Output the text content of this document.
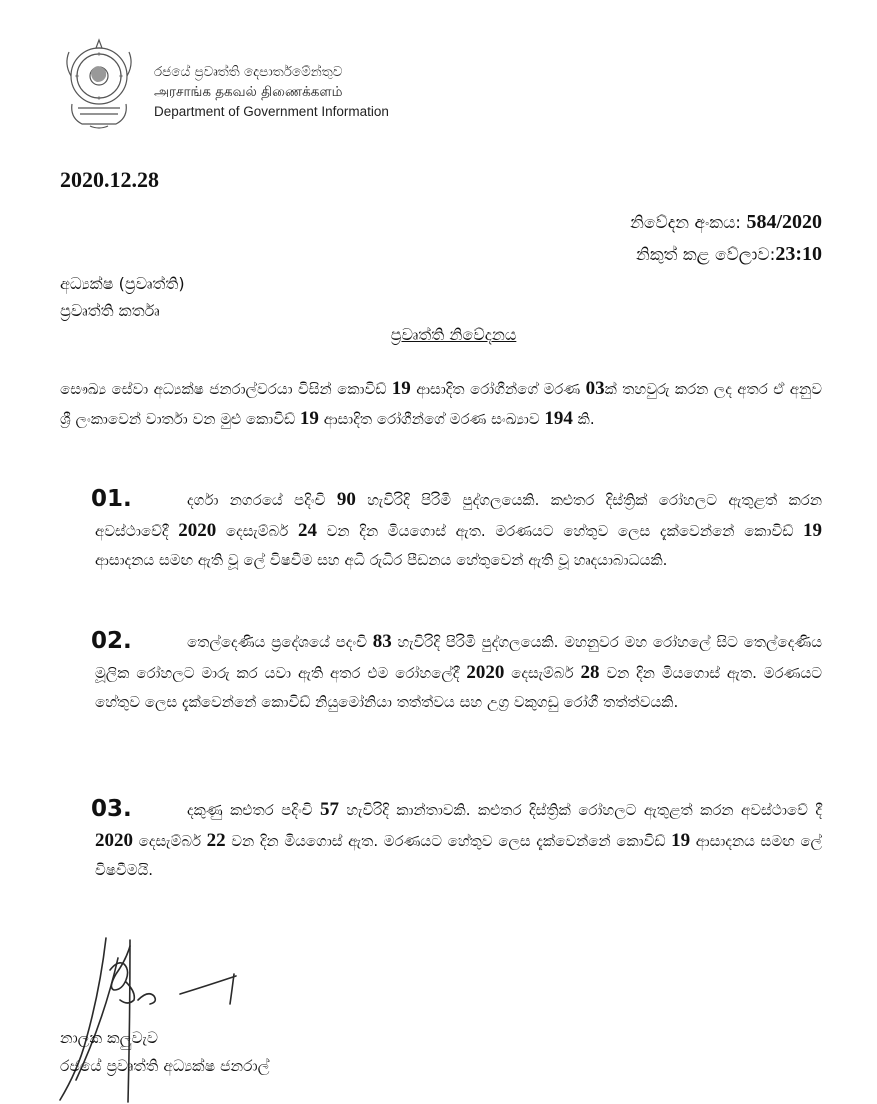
රජයේ ප්‍රවෘත්ති දෙපාර්තමේන්තුව
அரசாங்க தகவல் திணைக்களம்
Department of Government Information
2020.12.28
නිවේදන අංකය: 584/2020
නිකුත් කළ වේලාව:23:10
අධ්‍යක්ෂ (ප්‍රවෘත්ති)
ප්‍රවෘත්ති කර්තෘ
ප්‍රවෘත්ති නිවේදනය
සෞඛ්‍ය සේවා අධ්‍යක්ෂ ජනරාල්වරයා විසින් කොවිඩ් 19 ආසාදිත රෝගීන්ගේ මරණ 03ක් තහවුරු කරන ලද අතර ඒ අනුව ශ්‍රී ලංකාවෙන් වාර්තා වන මුළු කොවිඩ් 19 ආසාදිත රෝගීන්ගේ මරණ සංඛ්‍යාව 194 කි.
01.	දර්ගා නගරයේ පදිංචි 90 හැවිරිදි පිරිමි පුද්ගලයෙකි. කළුතර දිස්ත්‍රික් රෝහලට ඇතුළත් කරන අවස්ථාවේදී 2020 දෙසැම්බර් 24 වන දින මියගොස් ඇත. මරණයට හේතුව ලෙස දැක්වෙන්නේ කොවිඩ් 19 ආසාදනය සමඟ ඇති වූ ලේ විෂවීම සහ අධි රුධිර පීඩනය හේතුවෙන් ඇති වූ හෘදයාබාධයකි.
02.	තෙල්දෙණිය ප්‍රදේශයේ පදංචි 83 හැවිරිදි පිරිමි පුද්ගලයෙකි. මහනුවර මහ රෝහලේ සිට තෙල්දෙණිය මූලික රෝහලට මාරු කර යවා ඇති අතර එම රෝහලේදී 2020 දෙසැම්බර් 28 වන දින මියගොස් ඇත. මරණයට හේතුව ලෙස දැක්වෙන්නේ කොවිඩ් නියුමෝනියා තත්ත්වය සහ උග්‍ර වකුගඩු රෝගී තත්ත්වයකි.
03.	දකුණු කළුතර පදිංචි 57 හැවිරිදි කාන්තාවකි. කළුතර දිස්ත්‍රික් රෝහලට ඇතුළත් කරන අවස්ථාවේ දී 2020 දෙසැම්බර් 22 වන දින මියගොස් ඇත. මරණයට හේතුව ලෙස දැක්වෙන්නේ කොවිඩ් 19 ආසාදනය සමඟ ලේ විෂවීමයි.
නාලක කලුවැව
රජයේ ප්‍රවෘත්ති අධ්‍යක්ෂ ජනරාල්
